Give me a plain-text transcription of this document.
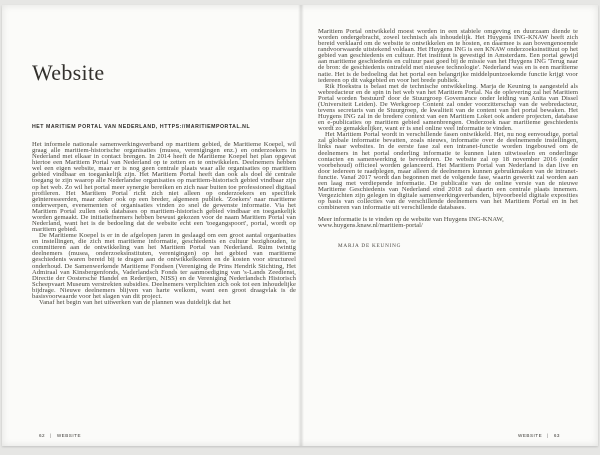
Website
HET MARITIEM PORTAL VAN NEDERLAND, HTTPS://MARITIEMPORTAL.NL

Het informele nationale samenwerkingsverband op maritiem gebied, de Maritieme Koepel, wil graag alle maritiem-historische organisaties (musea, verenigingen enz.) en onderzoekers in Nederland met elkaar in contact brengen. In 2014 heeft de Maritieme Koepel het plan opgevat hiertoe een Maritiem Portal van Nederland op te zetten en te ontwikkelen. Deelnemers hebben wel een eigen website, maar er is nog geen centrale plaats waar alle organisaties op maritiem gebied vindbaar en toegankelijk zijn. Het Maritiem Portal heeft dan ook als doel dé centrale toegang te zijn waarop alle Nederlandse organisaties op maritiem-historisch gebied vindbaar zijn op het web. Zo wil het portal meer synergie bereiken en zich naar buiten toe professioneel digitaal profileren. Het Maritiem Portal richt zich niet alleen op onderzoekers en specifiek geïnteresseerden, maar zeker ook op een breder, algemeen publiek. 'Zoekers' naar maritieme onderwerpen, evenementen of organisaties vinden zo snel de gewenste informatie. Via het Maritiem Portal zullen ook databases op maritiem-historisch gebied vindbaar en toegankelijk worden gemaakt. De initiatiefnemers hebben bewust gekozen voor de naam Maritiem Portal van Nederland, want het is de bedoeling dat de website echt een 'toegangspoort', portal, wordt op maritiem gebied.

De Maritieme Koepel is er in de afgelopen jaren in geslaagd om een groot aantal organisaties en instellingen, die zich met maritieme informatie, geschiedenis en cultuur bezighouden, te committeren aan de ontwikkeling van het Maritiem Portal van Nederland. Ruim twintig deelnemers (musea, onderzoeksinstituten, verenigingen) op het gebied van maritieme geschiedenis waren bereid bij te dragen aan de ontwikkelkosten en de kosten voor structureel onderhoud. De Samenwerkende Maritieme Fondsen (Vereniging de Prins Hendrik Stichting, Het Admiraal van Kinsbergenfonds, Vaderlandsch Fonds ter aanmoediging van 's-Lands Zeedienst, Directie der Oostersche Handel en Rederijen, NISS) en de Vereniging Nederlandsch Historisch Scheepvaart Museum verstrekten subsidies. Deelnemers verplichten zich ook tot een inhoudelijke bijdrage. Nieuwe deelnemers blijven van harte welkom, want een groot draagvlak is de basisvoorwaarde voor het slagen van dit project.

Vanaf het begin van het uitwerken van de plannen was duidelijk dat het

62 | WEBSITE

Maritiem Portal ontwikkeld moest worden in een stabiele omgeving en duurzaam diende te worden ondergebracht, zowel technisch als inhoudelijk. Het Huygens ING-KNAW heeft zich bereid verklaard om de website te ontwikkelen en te hosten, en daarmee is aan bovengenoemde randvoorwaarde uitstekend voldaan. Het Huygens ING is een KNAW onderzoeksinstituut op het gebied van geschiedenis en cultuur. Het instituut is gevestigd in Amsterdam. Een portal gewijd aan maritieme geschiedenis en cultuur past goed bij de missie van het Huygens ING 'Terug naar de bron: de geschiedenis ontrafeld met nieuwe technologie'. Nederland was en is een maritieme natie. Het is de bedoeling dat het portal een belangrijke middelpuntzoekende functie krijgt voor iedereen op dit vakgebied en voor het brede publiek.

Rik Hoekstra is belast met de technische ontwikkeling. Marja de Keuning is aangesteld als webredacteur en de spin in het web van het Maritiem Portal. Na de oplevering zal het Maritiem Portal worden 'bestuurd' door de Stuurgroep Governance onder leiding van Anita van Dissel (Universiteit Leiden). De Werkgroep Content zal onder voorzitterschap van de webredacteur, tevens secretaris van de Stuurgroep, de kwaliteit van de content van het portal bewaken. Het Huygens ING zal in de bredere context van een Maritiem Loket ook andere projecten, database en e-publicaties op maritiem gebied samenbrengen. Onderzoek naar maritieme geschiedenis wordt zo gemakkelijker, want er is snel online veel informatie te vinden.

Het Maritiem Portal wordt in verschillende fasen ontwikkeld. Het, nu nog eenvoudige, portal zal globale informatie bevatten, zoals nieuws, informatie over de deelnemende instellingen, links naar websites. In de eerste fase zal een intranet-functie worden ingebouwd om de deelnemers in het portal onderling informatie te kunnen laten uitwisselen en onderlinge contacten en samenwerking te bevorderen. De website zal op 18 november 2016 (onder voorbehoud) officieel worden gelanceerd. Het Maritiem Portal van Nederland is dan live en door iedereen te raadplegen, maar alleen de deelnemers kunnen gebruikmaken van de intranet-functie. Vanaf 2017 wordt dan begonnen met de volgende fase, waarin gewerkt zal worden aan een laag met verdiepende informatie. De publicatie van de online versie van de nieuwe Maritieme Geschiedenis van Nederland eind 2018 zal daarin een centrale plaats innemen. Vergezichten zijn gelegen in digitale samenwerkingsverbanden, bijvoorbeeld digitale exposities op basis van collecties van de verschillende deelnemers van het Maritiem Portal en in het combineren van informatie uit verschillende databases.

Meer informatie is te vinden op de website van Huygens ING-KNAW, www.huygens.knaw.nl/maritiem-portal/

MARJA DE KEUNING
WEBSITE | 63
